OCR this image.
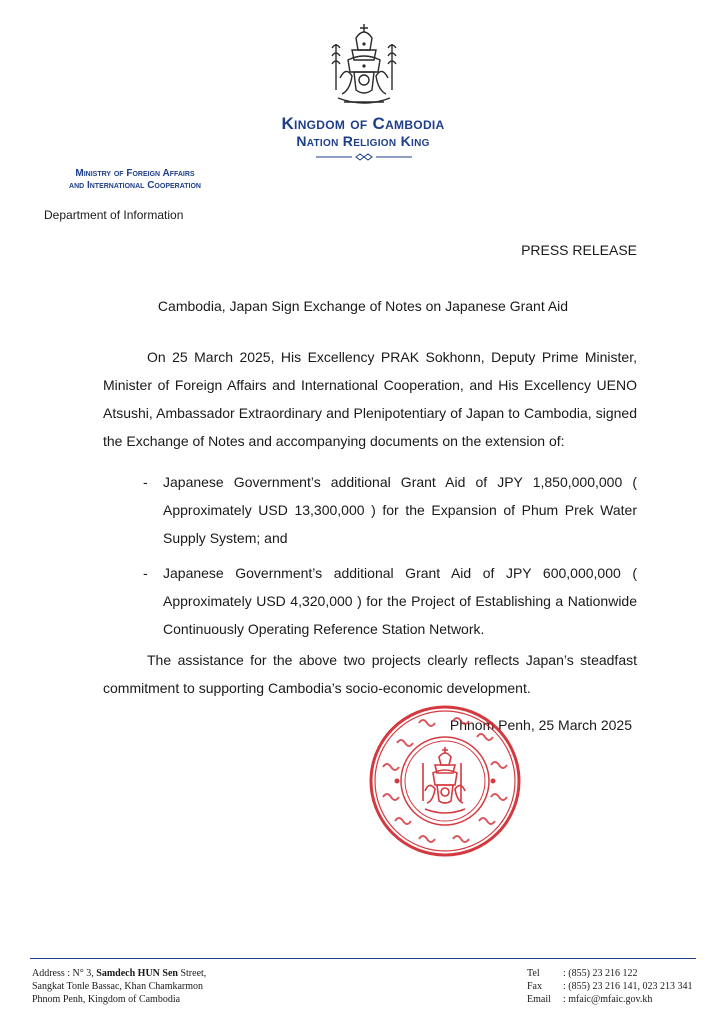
Kingdom of Cambodia
Nation Religion King
Ministry of Foreign Affairs
and International Cooperation
Department of Information
PRESS RELEASE
Cambodia, Japan Sign Exchange of Notes on Japanese Grant Aid
On 25 March 2025, His Excellency PRAK Sokhonn, Deputy Prime Minister, Minister of Foreign Affairs and International Cooperation, and His Excellency UENO Atsushi, Ambassador Extraordinary and Plenipotentiary of Japan to Cambodia, signed the Exchange of Notes and accompanying documents on the extension of:
- Japanese Government’s additional Grant Aid of JPY 1,850,000,000 ( Approximately USD 13,300,000 ) for the Expansion of Phum Prek Water Supply System; and
- Japanese Government’s additional Grant Aid of JPY 600,000,000 ( Approximately USD 4,320,000 ) for the Project of Establishing a Nationwide Continuously Operating Reference Station Network.
The assistance for the above two projects clearly reflects Japan’s steadfast commitment to supporting Cambodia’s socio-economic development.
Phnom Penh, 25 March 2025
Address : N° 3, Samdech HUN Sen Street,
Sangkat Tonle Bassac, Khan Chamkarmon
Phnom Penh, Kingdom of Cambodia
Tel : (855) 23 216 122
Fax : (855) 23 216 141, 023 213 341
Email : mfaic@mfaic.gov.kh
